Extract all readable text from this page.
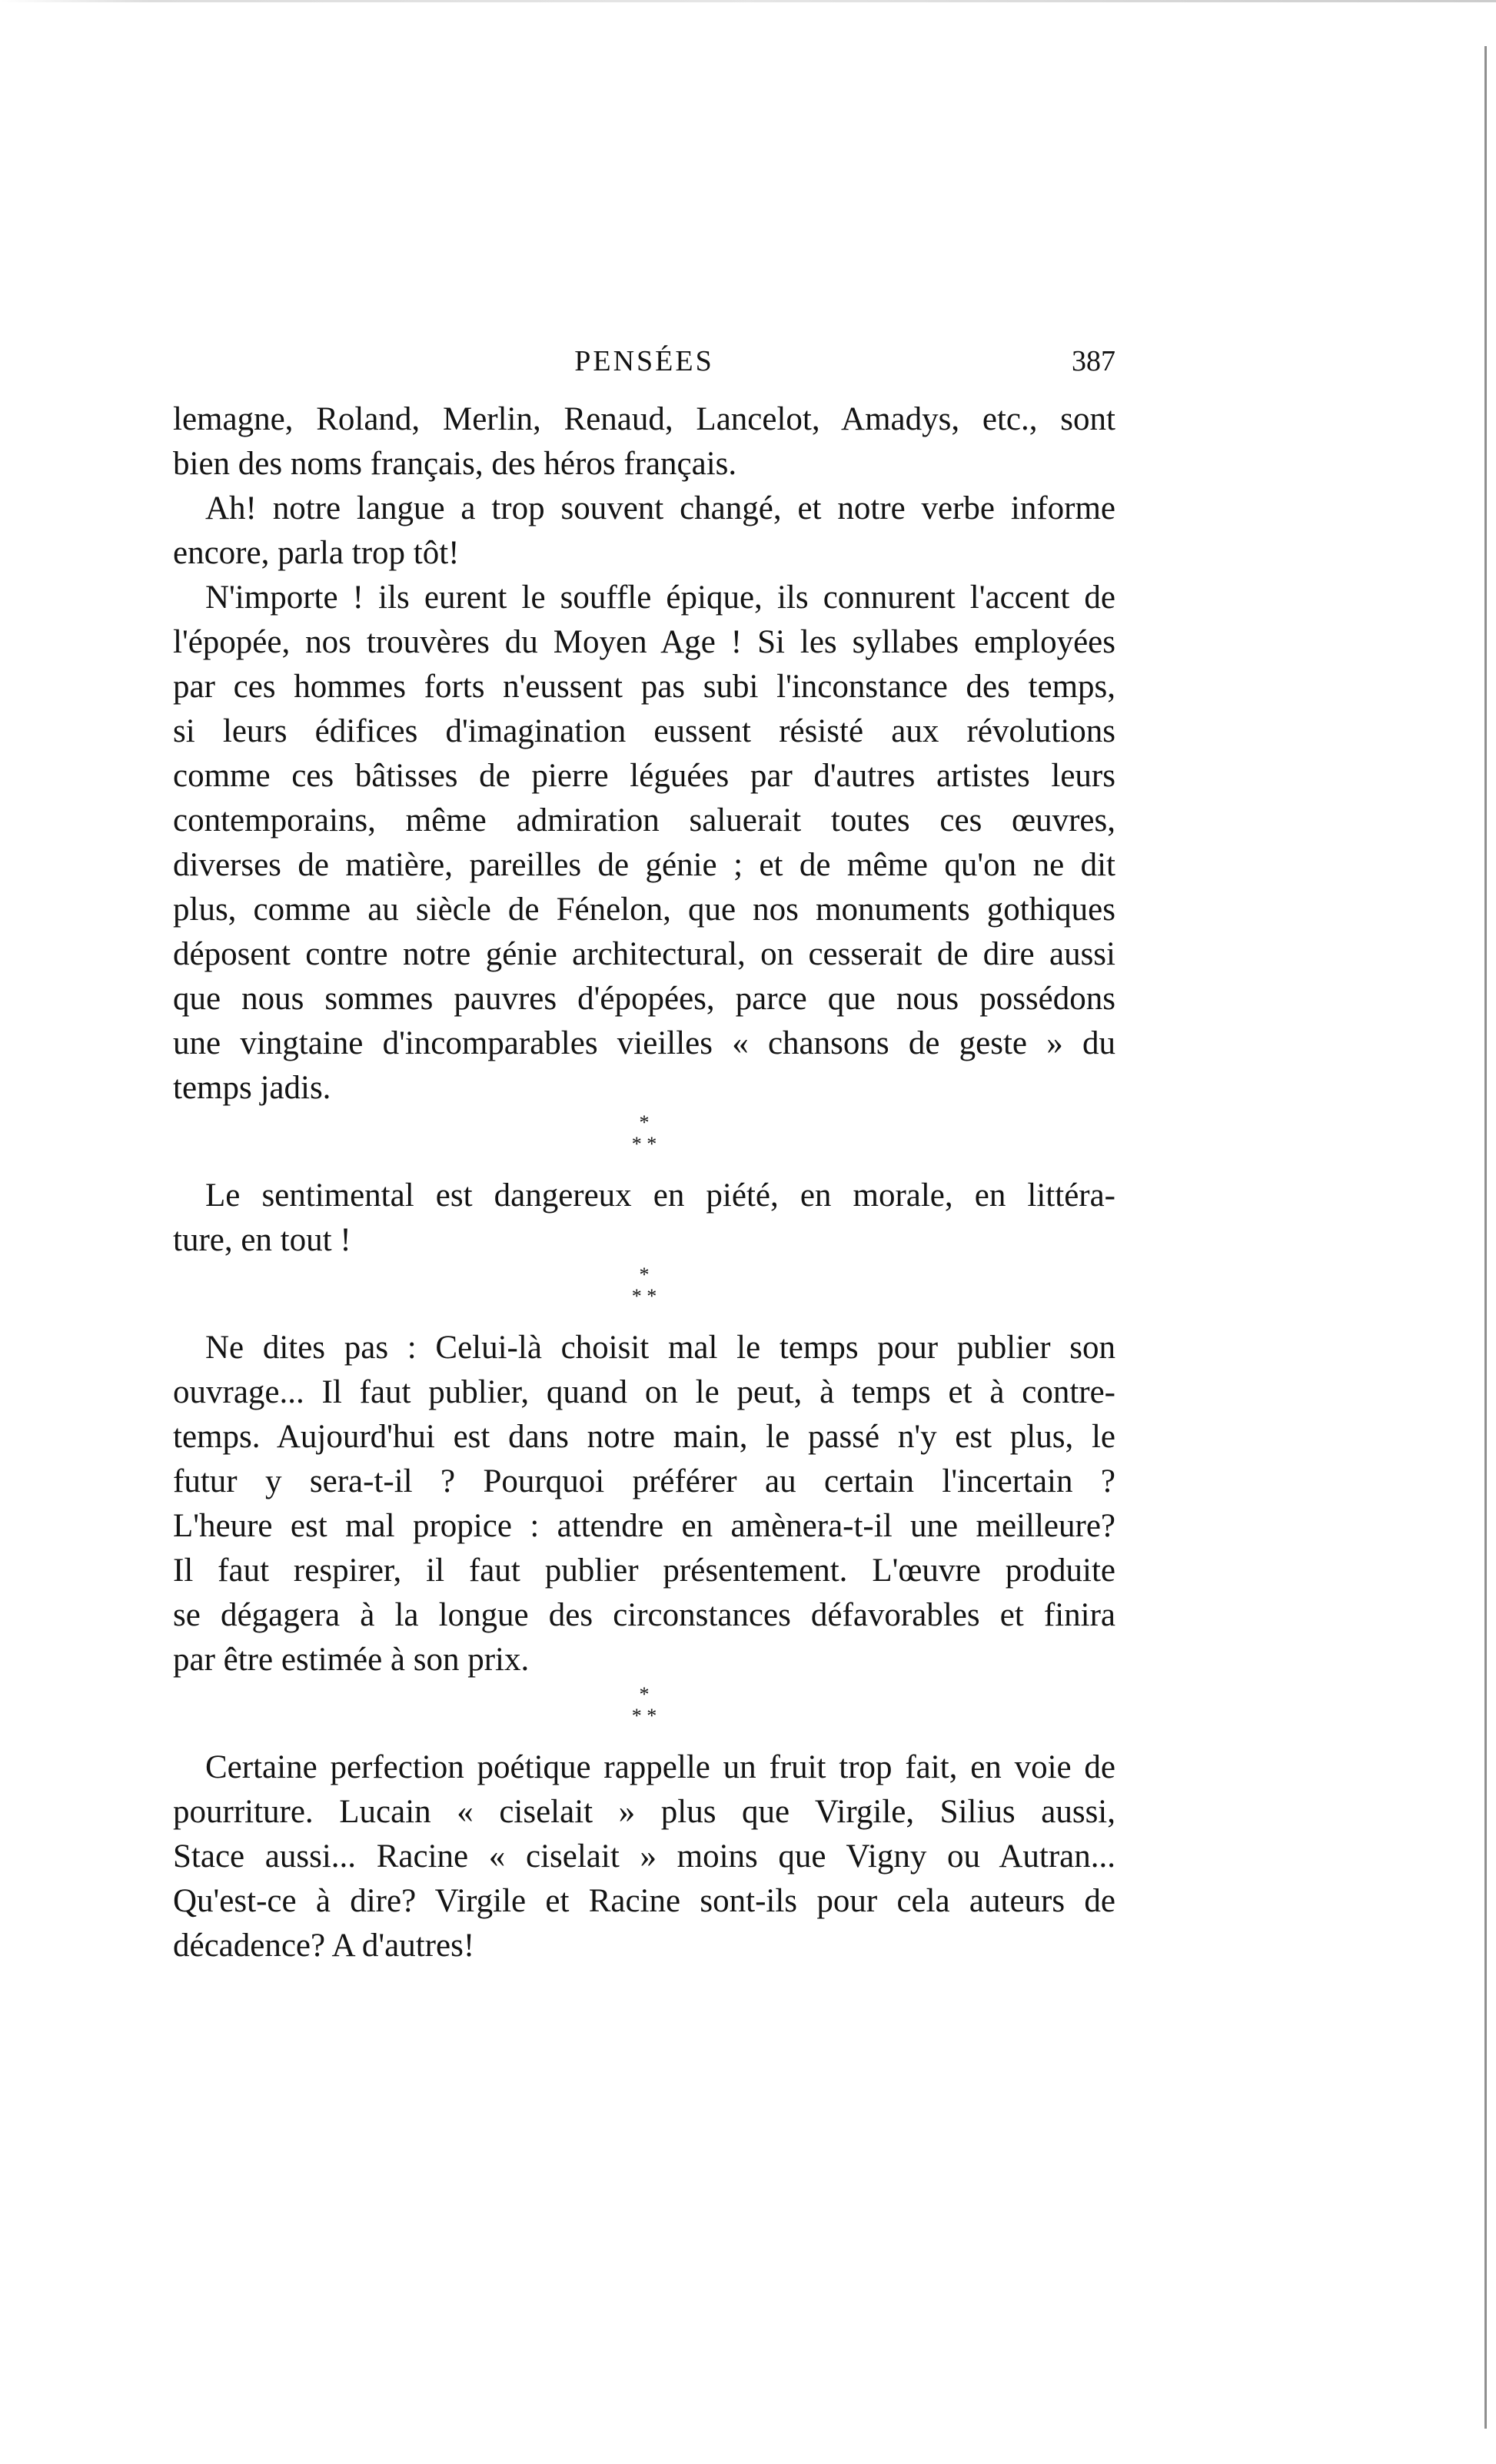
PENSÉES	387
lemagne, Roland, Merlin, Renaud, Lancelot, Amadys, etc., sont
bien des noms français, des héros français.
Ah! notre langue a trop souvent changé, et notre verbe informe
encore, parla trop tôt!
N'importe ! ils eurent le souffle épique, ils connurent l'accent de
l'épopée, nos trouvères du Moyen Age ! Si les syllabes employées
par ces hommes forts n'eussent pas subi l'inconstance des temps,
si leurs édifices d'imagination eussent résisté aux révolutions
comme ces bâtisses de pierre léguées par d'autres artistes leurs
contemporains, même admiration saluerait toutes ces œuvres,
diverses de matière, pareilles de génie ; et de même qu'on ne dit
plus, comme au siècle de Fénelon, que nos monuments gothiques
déposent contre notre génie architectural, on cesserait de dire aussi
que nous sommes pauvres d'épopées, parce que nous possédons
une vingtaine d'incomparables vieilles « chansons de geste » du
temps jadis.
*
* *
Le sentimental est dangereux en piété, en morale, en littéra-
ture, en tout !
*
* *
Ne dites pas : Celui-là choisit mal le temps pour publier son
ouvrage... Il faut publier, quand on le peut, à temps et à contre-
temps. Aujourd'hui est dans notre main, le passé n'y est plus, le
futur y sera-t-il ? Pourquoi préférer au certain l'incertain ?
L'heure est mal propice : attendre en amènera-t-il une meilleure?
Il faut respirer, il faut publier présentement. L'œuvre produite
se dégagera à la longue des circonstances défavorables et finira
par être estimée à son prix.
*
* *
Certaine perfection poétique rappelle un fruit trop fait, en voie de
pourriture. Lucain « ciselait » plus que Virgile, Silius aussi,
Stace aussi... Racine « ciselait » moins que Vigny ou Autran...
Qu'est-ce à dire? Virgile et Racine sont-ils pour cela auteurs de
décadence? A d'autres!
